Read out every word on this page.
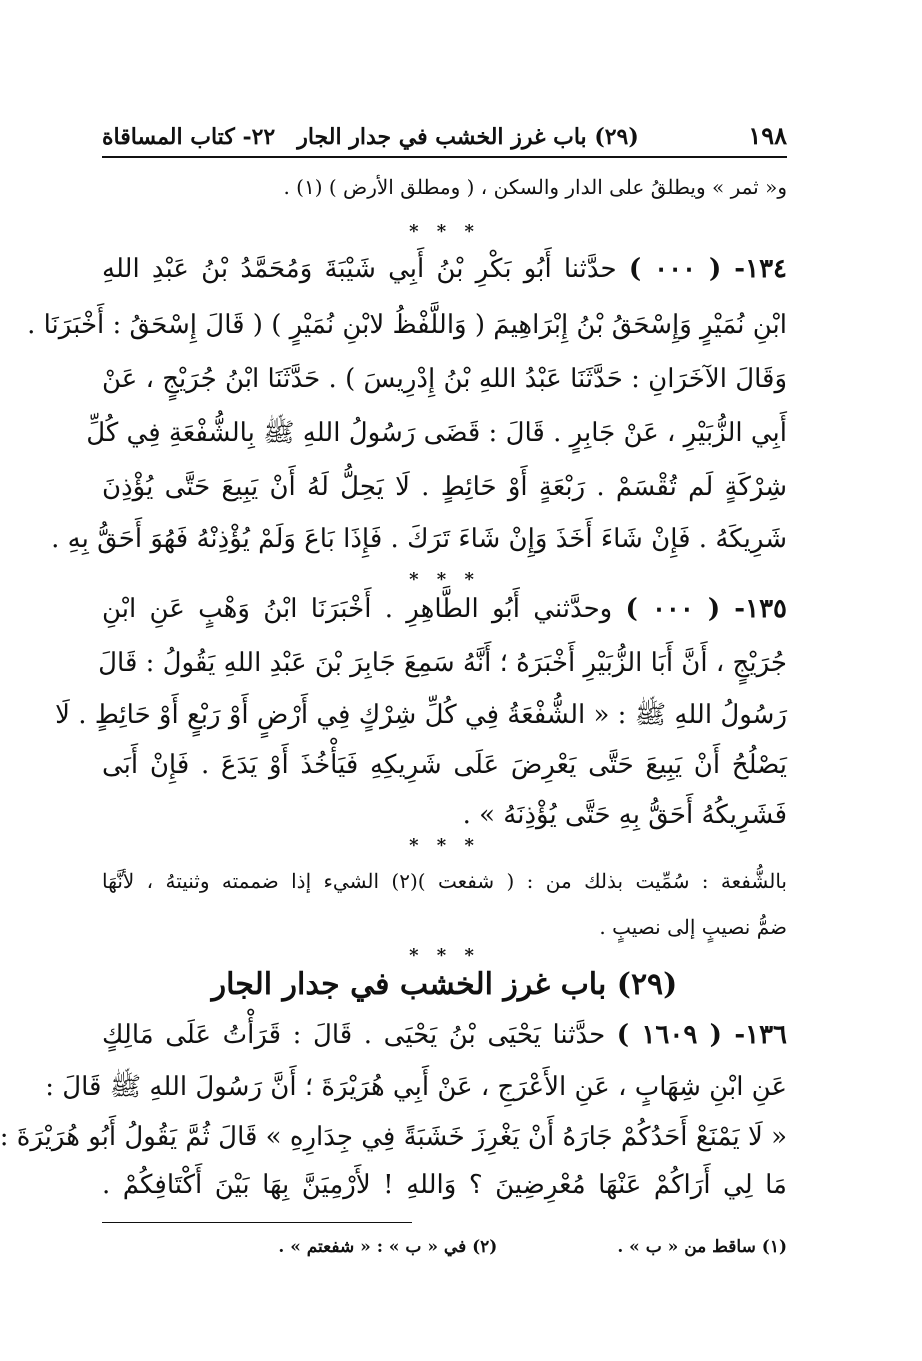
١٩٨
(٢٩) باب غرز الخشب في جدار الجار
٢٢- كتاب المساقاة
و« ثمر » ويطلقُ على الدار والسكن ، ( ومطلق الأرض ) (١) .
* * *
١٣٤- ( ٠٠٠ ) حدَّثنا أَبُو بَكْرِ بْنُ أَبِي شَيْبَةَ وَمُحَمَّدُ بْنُ عَبْدِ اللهِ
ابْنِ نُمَيْرٍ وَإِسْحَقُ بْنُ إِبْرَاهِيمَ ( وَاللَّفْظُ لابْنِ نُمَيْرٍ ) ( قَالَ إِسْحَقُ : أَخْبَرَنَا .
وَقَالَ الآخَرَانِ : حَدَّثَنَا عَبْدُ اللهِ بْنُ إِدْرِيسَ ) . حَدَّثَنَا ابْنُ جُرَيْجٍ ، عَنْ
أَبِي الزُّبَيْرِ ، عَنْ جَابِرٍ . قَالَ : قَضَى رَسُولُ اللهِ ﷺ بِالشُّفْعَةِ فِي كُلِّ
شِرْكَةٍ لَم تُقْسَمْ . رَبْعَةٍ أَوْ حَائِطٍ . لَا يَحِلُّ لَهُ أَنْ يَبِيعَ حَتَّى يُؤْذِنَ
شَرِيكَهُ . فَإِنْ شَاءَ أَخَذَ وَإِنْ شَاءَ تَرَكَ . فَإِذَا بَاعَ وَلَمْ يُؤْذِنْهُ فَهُوَ أَحَقُّ بِهِ .
* * *
١٣٥- ( ٠٠٠ ) وحدَّثني أَبُو الطَّاهِرِ . أَخْبَرَنَا ابْنُ وَهْبٍ عَنِ ابْنِ
جُرَيْجٍ ، أَنَّ أَبَا الزُّبَيْرِ أَخْبَرَهُ ؛ أَنَّهُ سَمِعَ جَابِرَ بْنَ عَبْدِ اللهِ يَقُولُ : قَالَ
رَسُولُ اللهِ ﷺ : « الشُّفْعَةُ فِي كُلِّ شِرْكٍ فِي أَرْضٍ أَوْ رَبْعٍ أَوْ حَائِطٍ . لَا
يَصْلُحُ أَنْ يَبِيعَ حَتَّى يَعْرِضَ عَلَى شَرِيكِهِ فَيَأْخُذَ أَوْ يَدَعَ . فَإِنْ أَبَى
فَشَرِيكُهُ أَحَقُّ بِهِ حَتَّى يُؤْذِنَهُ » .
* * *
بالشُّفعة : سُمِّيت بذلك من : ( شفعت )(٢) الشيء إذا ضممته وثنيتهُ ، لأنَّهَا
ضمُّ نصيبٍ إلى نصيبٍ .
* * *
(٢٩) باب غرز الخشب في جدار الجار
١٣٦- ( ١٦٠٩ ) حدَّثنا يَحْيَى بْنُ يَحْيَى . قَالَ : قَرَأْتُ عَلَى مَالِكٍ
عَنِ ابْنِ شِهَابٍ ، عَنِ الأَعْرَجِ ، عَنْ أَبِي هُرَيْرَةَ ؛ أَنَّ رَسُولَ اللهِ ﷺ قَالَ :
« لَا يَمْنَعْ أَحَدُكُمْ جَارَهُ أَنْ يَغْرِزَ خَشَبَةً فِي جِدَارِهِ » قَالَ ثُمَّ يَقُولُ أَبُو هُرَيْرَةَ :
مَا لِي أَرَاكُمْ عَنْهَا مُعْرِضِينَ ؟ وَاللهِ ! لأَرْمِيَنَّ بِهَا بَيْنَ أَكْتَافِكُمْ .
(١) ساقط من « ب » .
(٢) في « ب » : « شفعتم » .
